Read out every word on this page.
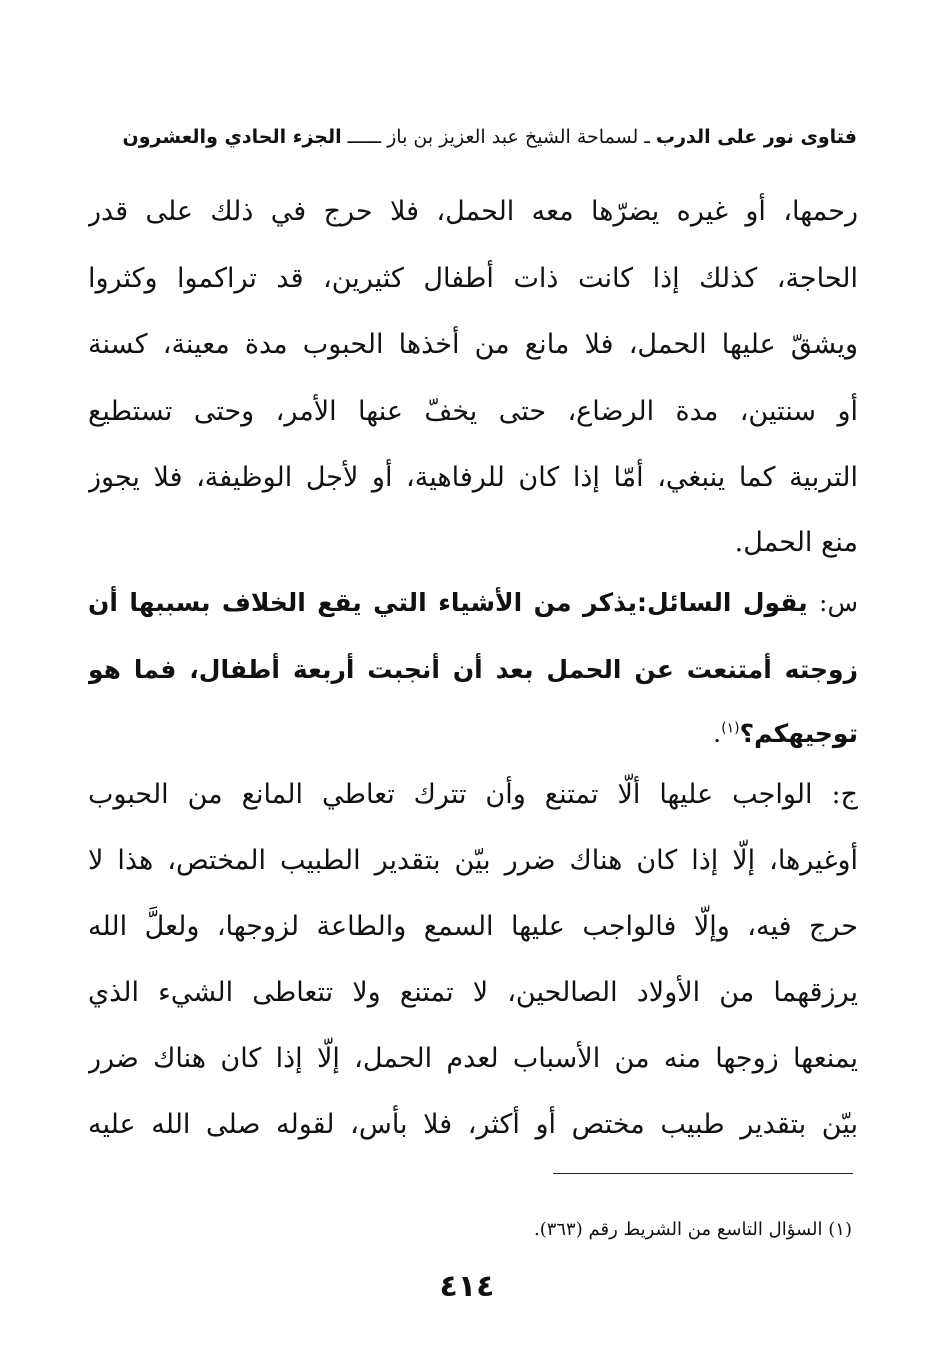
فتاوى نور على الدرب ـ لسماحة الشيخ عبد العزيز بن باز ــــــ الجزء الحادي والعشرون
رحمها، أو غيره يضرّها معه الحمل، فلا حرج في ذلك على قدر
الحاجة، كذلك إذا كانت ذات أطفال كثيرين، قد تراكموا وكثروا
ويشقّ عليها الحمل، فلا مانع من أخذها الحبوب مدة معينة، كسنة
أو سنتين، مدة الرضاع، حتى يخفّ عنها الأمر، وحتى تستطيع
التربية كما ينبغي، أمّا إذا كان للرفاهية، أو لأجل الوظيفة، فلا يجوز
منع الحمل.
س: يقول السائل:يذكر من الأشياء التي يقع الخلاف بسببها أن
زوجته أمتنعت عن الحمل بعد أن أنجبت أربعة أطفال، فما هو
توجيهكم؟$^{(١)}$.
ج: الواجب عليها ألّا تمتنع وأن تترك تعاطي المانع من الحبوب
أوغيرها، إلّا إذا كان هناك ضرر بيّن بتقدير الطبيب المختص، هذا لا
حرج فيه، وإلّا فالواجب عليها السمع والطاعة لزوجها، ولعلَّ الله
يرزقهما من الأولاد الصالحين، لا تمتنع ولا تتعاطى الشيء الذي
يمنعها زوجها منه من الأسباب لعدم الحمل، إلّا إذا كان هناك ضرر
بيّن بتقدير طبيب مختص أو أكثر، فلا بأس، لقوله صلى الله عليه
(١) السؤال التاسع من الشريط رقم (٣٦٣).
٤١٤
